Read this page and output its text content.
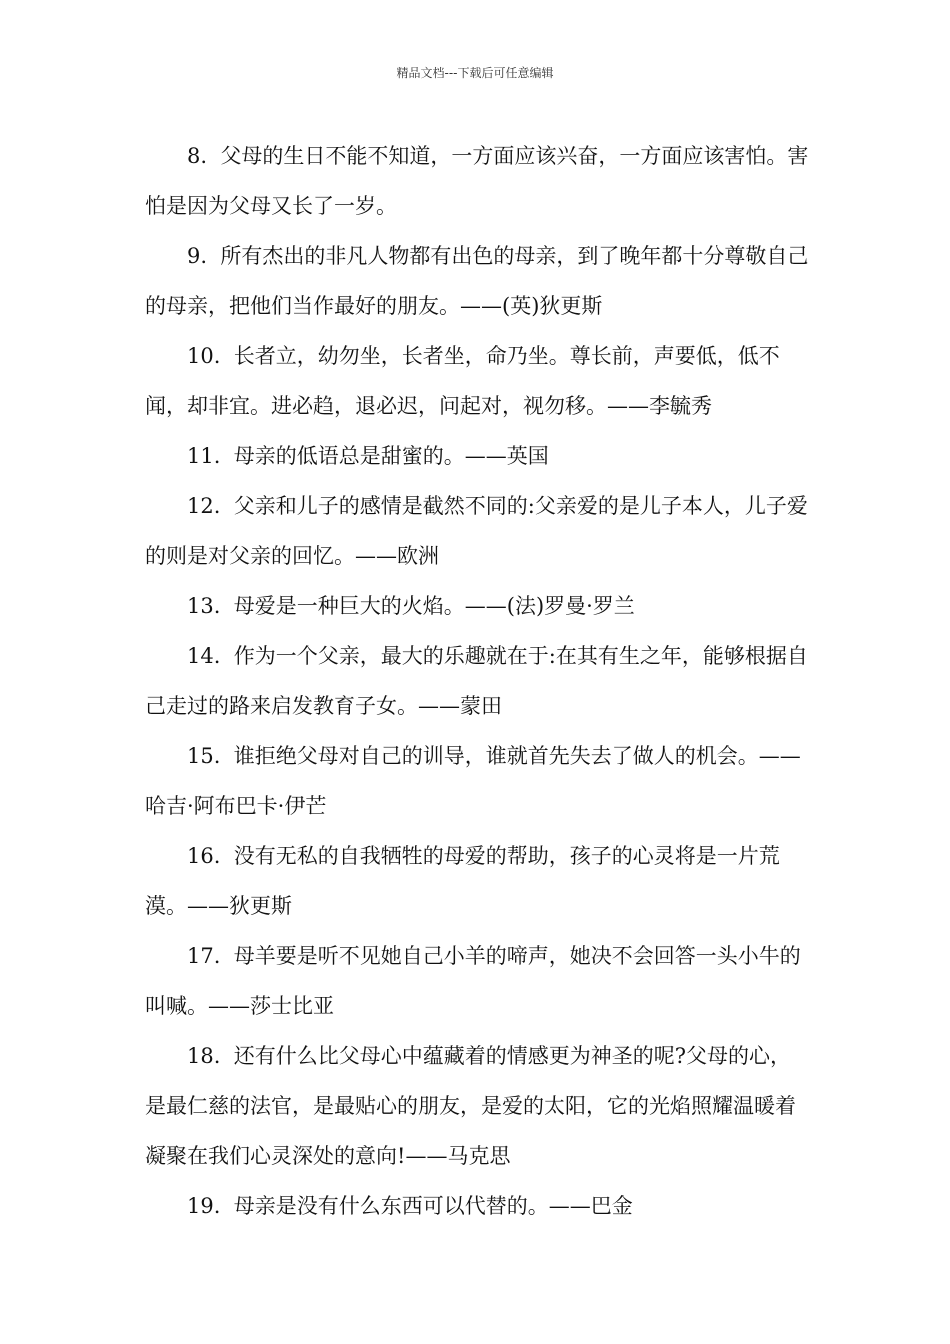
精品文档---下载后可任意编辑

8.  父母的生日不能不知道，一方面应该兴奋，一方面应该害怕。害怕是因为父母又长了一岁。

9.  所有杰出的非凡人物都有出色的母亲，到了晚年都十分尊敬自己的母亲，把他们当作最好的朋友。——(英)狄更斯

10.  长者立，幼勿坐，长者坐，命乃坐。尊长前，声要低，低不闻，却非宜。进必趋，退必迟，问起对，视勿移。——李毓秀

11.  母亲的低语总是甜蜜的。——英国

12.  父亲和儿子的感情是截然不同的:父亲爱的是儿子本人，儿子爱的则是对父亲的回忆。——欧洲

13.  母爱是一种巨大的火焰。——(法)罗曼·罗兰

14.  作为一个父亲，最大的乐趣就在于:在其有生之年，能够根据自己走过的路来启发教育子女。——蒙田

15.  谁拒绝父母对自己的训导，谁就首先失去了做人的机会。——哈吉·阿布巴卡·伊芒

16.  没有无私的自我牺牲的母爱的帮助，孩子的心灵将是一片荒漠。——狄更斯

17.  母羊要是听不见她自己小羊的啼声，她决不会回答一头小牛的叫喊。——莎士比亚

18.  还有什么比父母心中蕴藏着的情感更为神圣的呢?父母的心，是最仁慈的法官，是最贴心的朋友，是爱的太阳，它的光焰照耀温暖着凝聚在我们心灵深处的意向!——马克思

19.  母亲是没有什么东西可以代替的。——巴金
